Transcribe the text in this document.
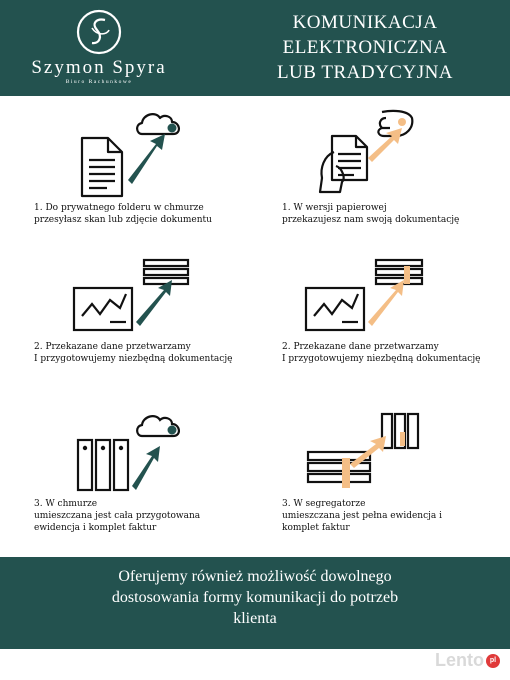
Szymon Spyra
Biuro Rachunkowe
KOMUNIKACJA
ELEKTRONICZNA
LUB TRADYCYJNA
1. Do prywatnego folderu w chmurze
przesyłasz skan lub zdjęcie dokumentu
1. W wersji papierowej
przekazujesz nam swoją dokumentację
2. Przekazane dane przetwarzamy
I przygotowujemy niezbędną dokumentację
2. Przekazane dane przetwarzamy
I przygotowujemy niezbędną dokumentację
3. W chmurze
umieszczana jest cała przygotowana
ewidencja i komplet faktur
3. W segregatorze
umieszczana jest pełna ewidencja i
komplet faktur
Oferujemy również możliwość dowolnego
dostosowania formy komunikacji do potrzeb
klienta
Lento pl
